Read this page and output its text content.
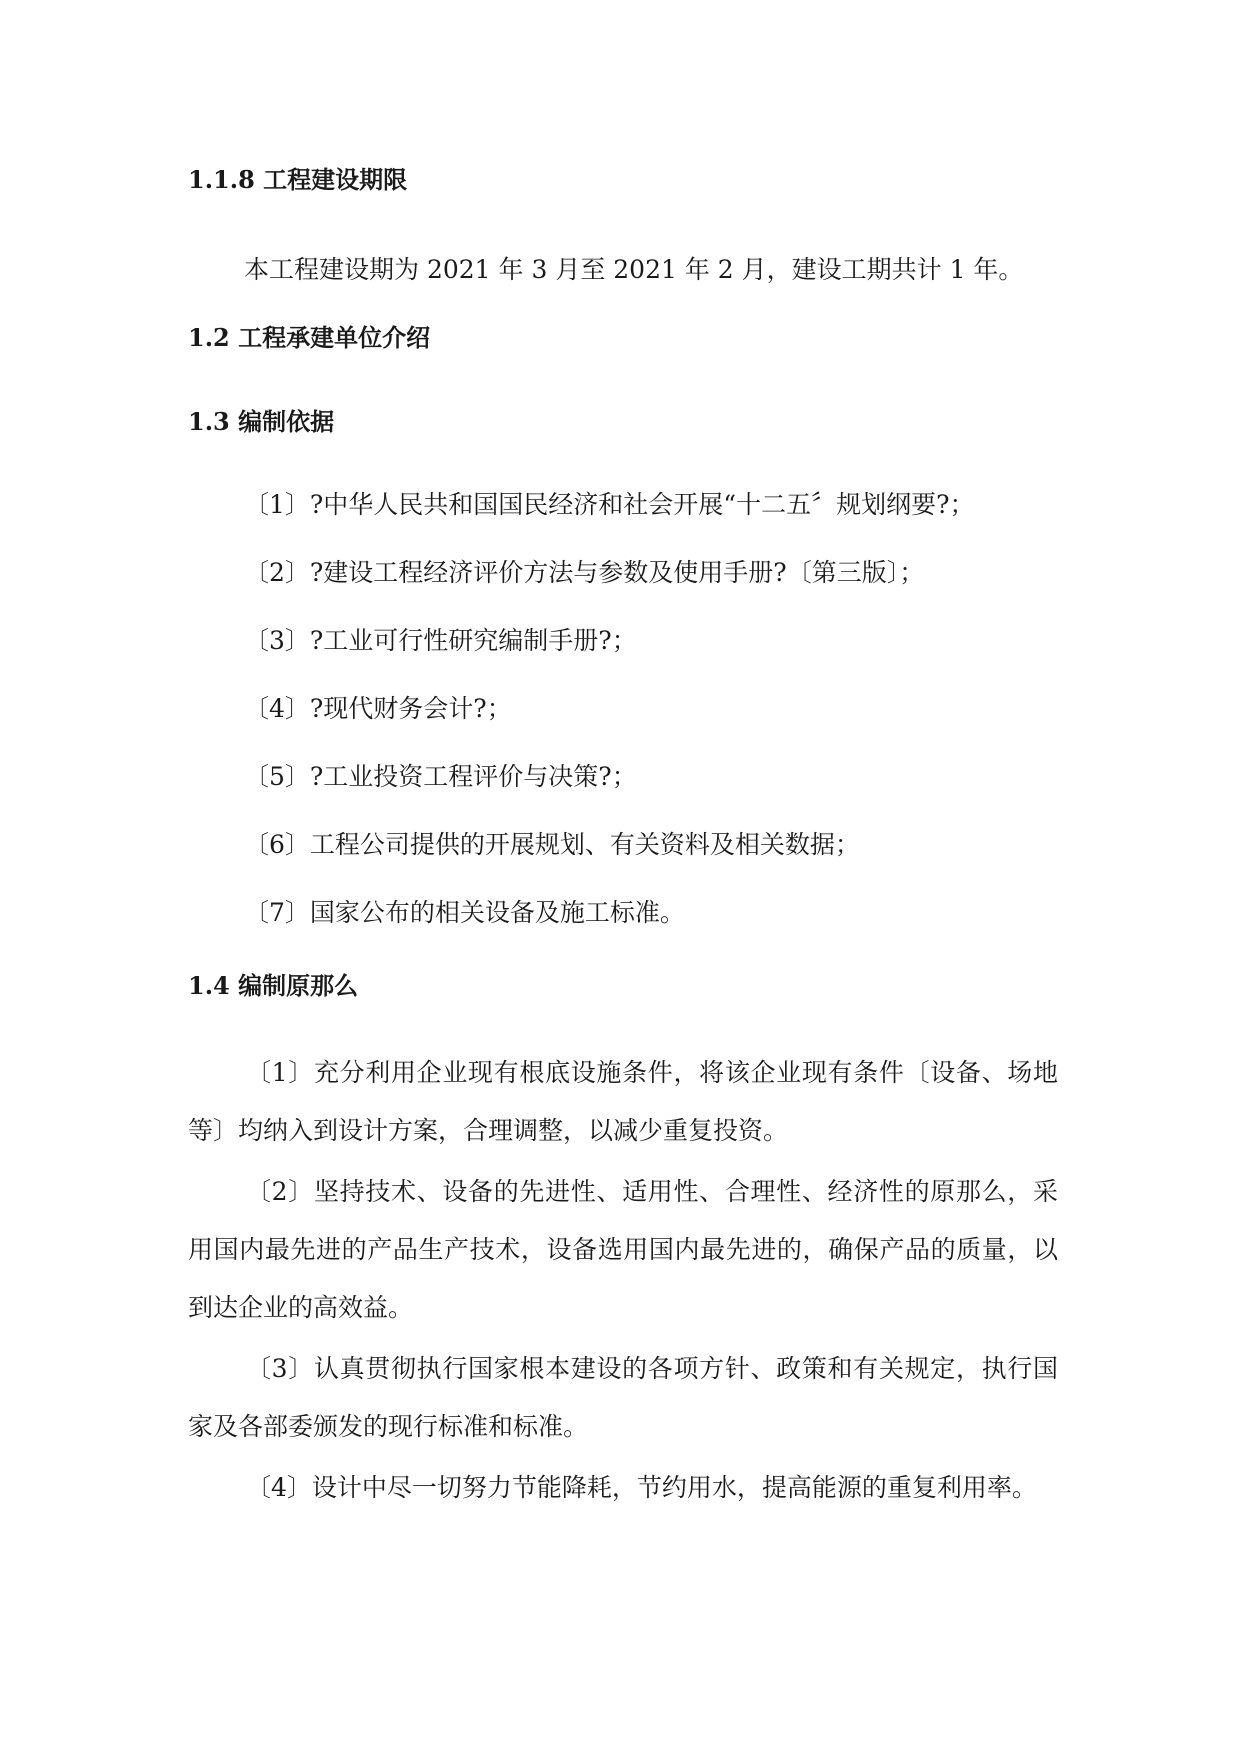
1.1.8 工程建设期限

本工程建设期为 2021 年 3 月至 2021 年 2 月，建设工期共计 1 年。

1.2 工程承建单位介绍

1.3 编制依据

〔1〕?中华人民共和国国民经济和社会开展“十二五〞规划纲要?；

〔2〕?建设工程经济评价方法与参数及使用手册?〔第三版〕；

〔3〕?工业可行性研究编制手册?；

〔4〕?现代财务会计?；

〔5〕?工业投资工程评价与决策?；

〔6〕工程公司提供的开展规划、有关资料及相关数据；

〔7〕国家公布的相关设备及施工标准。

1.4 编制原那么

〔1〕充分利用企业现有根底设施条件，将该企业现有条件〔设备、场地等〕均纳入到设计方案，合理调整，以减少重复投资。

〔2〕坚持技术、设备的先进性、适用性、合理性、经济性的原那么，采用国内最先进的产品生产技术，设备选用国内最先进的，确保产品的质量，以到达企业的高效益。

〔3〕认真贯彻执行国家根本建设的各项方针、政策和有关规定，执行国家及各部委颁发的现行标准和标准。

〔4〕设计中尽一切努力节能降耗，节约用水，提高能源的重复利用率。
